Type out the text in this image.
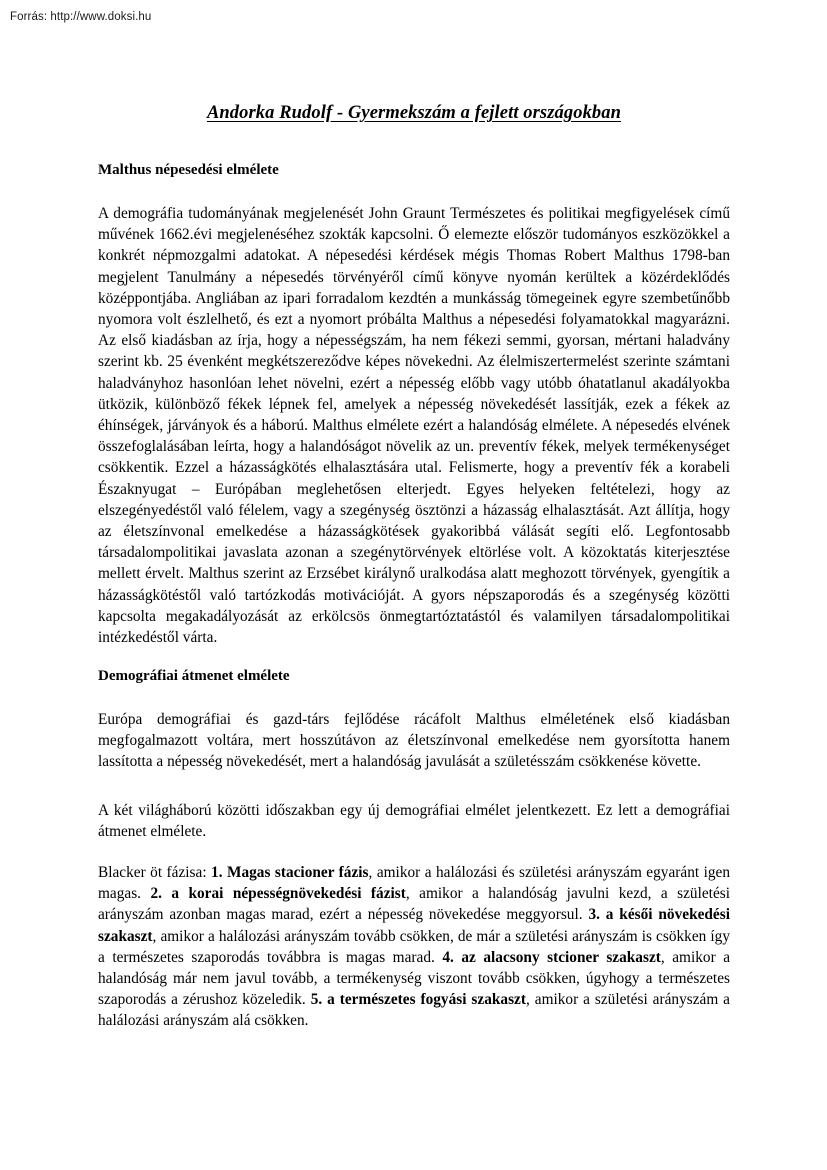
Forrás: http://www.doksi.hu
Andorka Rudolf - Gyermekszám a fejlett országokban
Malthus népesedési elmélete

A demográfia tudományának megjelenését John Graunt Természetes és politikai megfigyelések című művének 1662.évi megjelenéséhez szokták kapcsolni. Ő elemezte először tudományos eszközökkel a konkrét népmozgalmi adatokat. A népesedési kérdések mégis Thomas Robert Malthus 1798-ban megjelent Tanulmány a népesedés törvényéről című könyve nyomán kerültek a közérdeklődés középpontjába. Angliában az ipari forradalom kezdtén a munkásság tömegeinek egyre szembetűnőbb nyomora volt észlelhető, és ezt a nyomort próbálta Malthus a népesedési folyamatokkal magyarázni. Az első kiadásban az írja, hogy a népességszám, ha nem fékezi semmi, gyorsan, mértani haladvány szerint kb. 25 évenként megkétszereződve képes növekedni. Az élelmiszertermelést szerinte számtani haladványhoz hasonlóan lehet növelni, ezért a népesség előbb vagy utóbb óhatatlanul akadályokba ütközik, különböző fékek lépnek fel, amelyek a népesség növekedését lassítják, ezek a fékek az éhínségek, járványok és a háború. Malthus elmélete ezért a halandóság elmélete. A népesedés elvének összefoglalásában leírta, hogy a halandóságot növelik az un. preventív fékek, melyek termékenységet csökkentik. Ezzel a házasságkötés elhalasztására utal. Felismerte, hogy a preventív fék a korabeli Északnyugat – Európában meglehetősen elterjedt. Egyes helyeken feltételezi, hogy az elszegényedéstől való félelem, vagy a szegénység ösztönzi a házasság elhalasztását. Azt állítja, hogy az életszínvonal emelkedése a házasságkötések gyakoribbá válását segíti elő. Legfontosabb társadalompolitikai javaslata azonan a szegénytörvények eltörlése volt. A közoktatás kiterjesztése mellett érvelt. Malthus szerint az Erzsébet királynő uralkodása alatt meghozott törvények, gyengítik a házasságkötéstől való tartózkodás motivációját. A gyors népszaporodás és a szegénység közötti kapcsolta megakadályozását az erkölcsös önmegtartóztatástól és valamilyen társadalompolitikai intézkedéstől várta.

Demográfiai átmenet elmélete

Európa demográfiai és gazd-társ fejlődése rácáfolt Malthus elméletének első kiadásban megfogalmazott voltára, mert hosszútávon az életszínvonal emelkedése nem gyorsította hanem lassította a népesség növekedését, mert a halandóság javulását a születésszám csökkenése követte.

A két világháború közötti időszakban egy új demográfiai elmélet jelentkezett. Ez lett a demográfiai átmenet elmélete.

Blacker öt fázisa: 1. Magas stacioner fázis, amikor a halálozási és születési arányszám egyaránt igen magas. 2. a korai népességnövekedési fázist, amikor a halandóság javulni kezd, a születési arányszám azonban magas marad, ezért a népesség növekedése meggyorsul. 3. a késői növekedési szakaszt, amikor a halálozási arányszám tovább csökken, de már a születési arányszám is csökken így a természetes szaporodás továbbra is magas marad. 4. az alacsony stcioner szakaszt, amikor a halandóság már nem javul tovább, a termékenység viszont tovább csökken, úgyhogy a természetes szaporodás a zérushoz közeledik. 5. a természetes fogyási szakaszt, amikor a születési arányszám a halálozási arányszám alá csökken.
